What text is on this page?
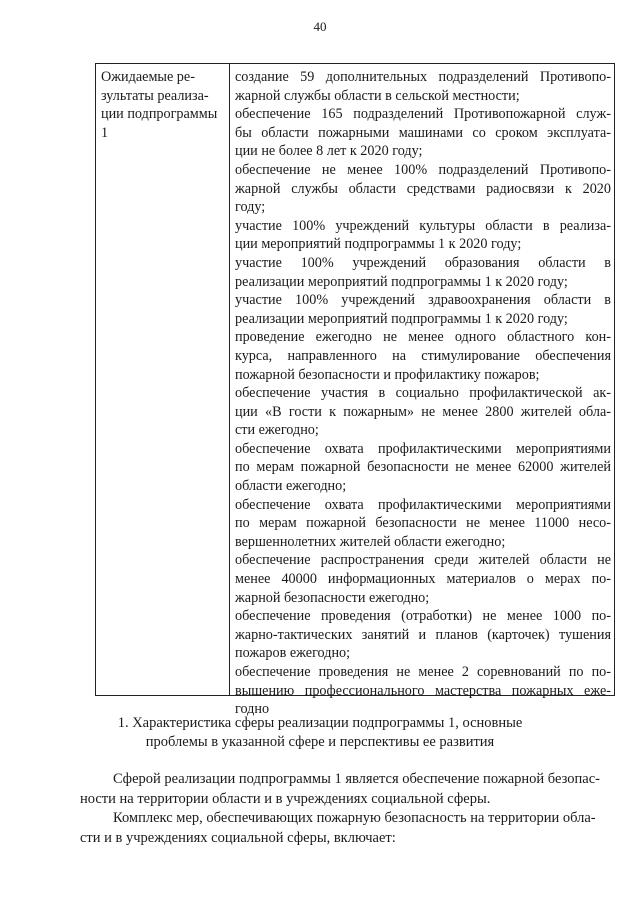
40
Ожидаемые ре-
зультаты реализа-
ции подпрограммы
1
создание 59 дополнительных подразделений Противопо-
жарной службы области в сельской местности;
обеспечение 165 подразделений Противопожарной служ-
бы области пожарными машинами со сроком эксплуата-
ции не более 8 лет к 2020 году;
обеспечение не менее 100% подразделений Противопо-
жарной службы области средствами радиосвязи к 2020
году;
участие 100% учреждений культуры области в реализа-
ции мероприятий подпрограммы 1 к 2020 году;
участие 100% учреждений образования области в
реализации мероприятий подпрограммы 1 к 2020 году;
участие 100% учреждений здравоохранения области в
реализации мероприятий подпрограммы 1 к 2020 году;
проведение ежегодно не менее одного областного кон-
курса, направленного на стимулирование обеспечения
пожарной безопасности и профилактику пожаров;
обеспечение участия в социально профилактической ак-
ции «В гости к пожарным» не менее 2800 жителей обла-
сти ежегодно;
обеспечение охвата профилактическими мероприятиями
по мерам пожарной безопасности не менее 62000 жителей
области ежегодно;
обеспечение охвата профилактическими мероприятиями
по мерам пожарной безопасности не менее 11000 несо-
вершеннолетних жителей области ежегодно;
обеспечение распространения среди жителей области не
менее 40000 информационных материалов о мерах по-
жарной безопасности ежегодно;
обеспечение проведения (отработки) не менее 1000 по-
жарно-тактических занятий и планов (карточек) тушения
пожаров ежегодно;
обеспечение проведения не менее 2 соревнований по по-
вышению профессионального мастерства пожарных еже-
годно
1. Характеристика сферы реализации подпрограммы 1, основные
проблемы в указанной сфере и перспективы ее развития
Сферой реализации подпрограммы 1 является обеспечение пожарной безопас-
ности на территории области и в учреждениях социальной сферы.
Комплекс мер, обеспечивающих пожарную безопасность на территории обла-
сти и в учреждениях социальной сферы, включает:
